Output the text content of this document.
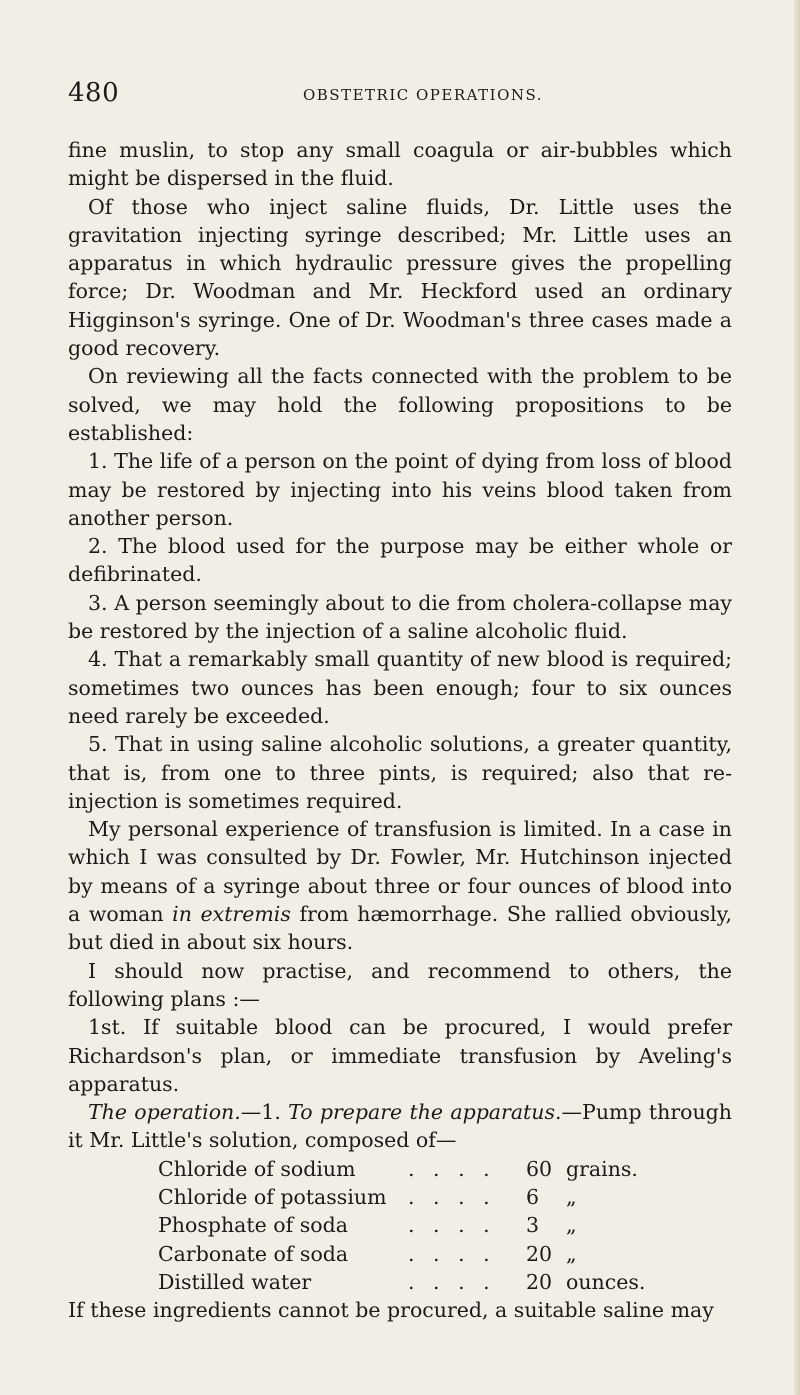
480	OBSTETRIC OPERATIONS.

fine muslin, to stop any small coagula or air-bubbles which might be dispersed in the fluid.

Of those who inject saline fluids, Dr. Little uses the gravitation injecting syringe described; Mr. Little uses an apparatus in which hydraulic pressure gives the propelling force; Dr. Woodman and Mr. Heckford used an ordinary Higginson's syringe. One of Dr. Woodman's three cases made a good recovery.

On reviewing all the facts connected with the problem to be solved, we may hold the following propositions to be established:

1. The life of a person on the point of dying from loss of blood may be restored by injecting into his veins blood taken from another person.

2. The blood used for the purpose may be either whole or defibrinated.

3. A person seemingly about to die from cholera-collapse may be restored by the injection of a saline alcoholic fluid.

4. That a remarkably small quantity of new blood is required; sometimes two ounces has been enough; four to six ounces need rarely be exceeded.

5. That in using saline alcoholic solutions, a greater quantity, that is, from one to three pints, is required; also that re-injection is sometimes required.

My personal experience of transfusion is limited. In a case in which I was consulted by Dr. Fowler, Mr. Hutchinson injected by means of a syringe about three or four ounces of blood into a woman in extremis from hæmorrhage. She rallied obviously, but died in about six hours.

I should now practise, and recommend to others, the following plans :—

1st. If suitable blood can be procured, I would prefer Richardson's plan, or immediate transfusion by Aveling's apparatus.

The operation.—1. To prepare the apparatus.—Pump through it Mr. Little's solution, composed of—

Chloride of sodium	. . . .	60 grains.
Chloride of potassium	. . . .	6	„
Phosphate of soda	. . . .	3	„
Carbonate of soda	. . . .	20 „
Distilled water	. . . .	20 ounces.

If these ingredients cannot be procured, a suitable saline may
